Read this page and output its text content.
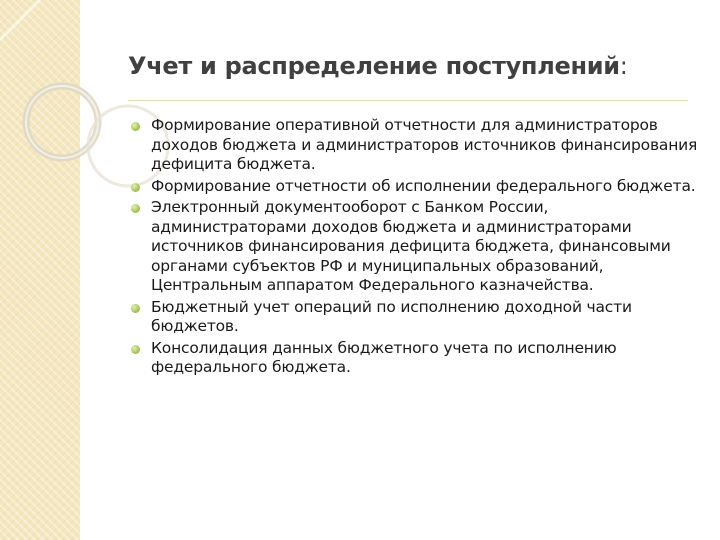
Учет и распределение поступлений:
Формирование оперативной отчетности для администраторов доходов бюджета и администраторов источников финансирования дефицита бюджета.
Формирование отчетности об исполнении федерального бюджета.
Электронный документооборот с Банком России, администраторами доходов бюджета и администраторами источников финансирования дефицита бюджета, финансовыми органами субъектов РФ и муниципальных образований, Центральным аппаратом Федерального казначейства.
Бюджетный учет операций по исполнению доходной части бюджетов.
Консолидация данных бюджетного учета по исполнению федерального бюджета.
